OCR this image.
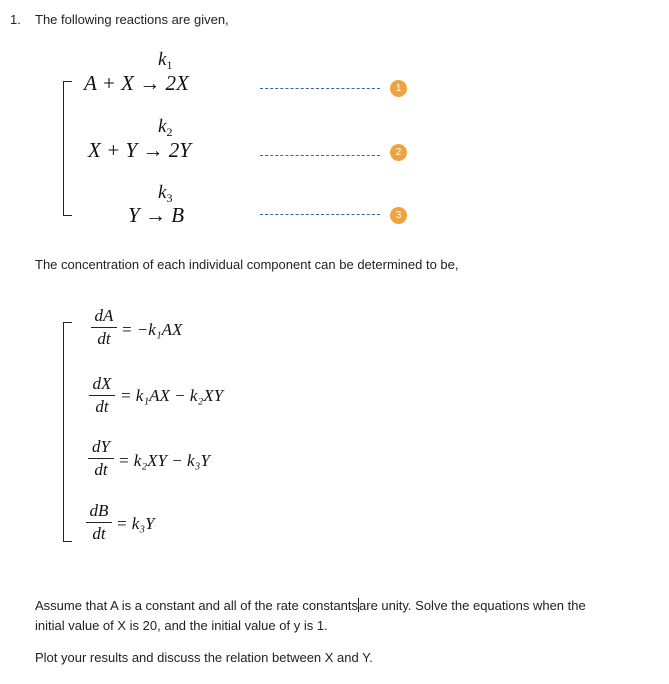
1. The following reactions are given,
$k_1$
A + X → 2X	1
$k_2$
X + Y → 2Y	2
$k_3$
Y → B	3
The concentration of each individual component can be determined to be,
$\frac{dA}{dt} = -k_1AX$
$\frac{dX}{dt} = k_1AX - k_2XY$
$\frac{dY}{dt} = k_2XY - k_3Y$
$\frac{dB}{dt} = k_3Y$
Assume that A is a constant and all of the rate constantsare unity. Solve the equations when the
initial value of X is 20, and the initial value of y is 1.
Plot your results and discuss the relation between X and Y.
